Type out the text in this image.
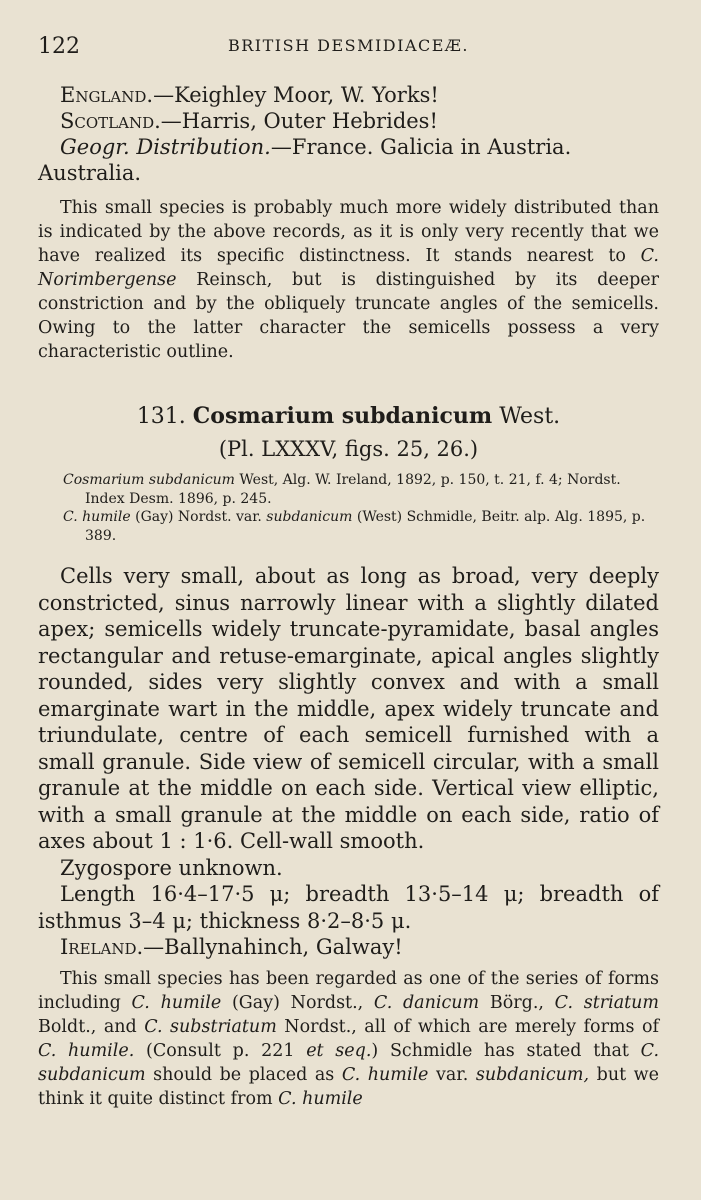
122	BRITISH DESMIDIACEÆ.
England.—Keighley Moor, W. Yorks!
Scotland.—Harris, Outer Hebrides!

Geogr. Distribution.—France. Galicia in Austria. Australia.

This small species is probably much more widely distributed than is indicated by the above records, as it is only very recently that we have realized its specific distinctness. It stands nearest to C. Norimbergense Reinsch, but is distinguished by its deeper constriction and by the obliquely truncate angles of the semicells. Owing to the latter character the semicells possess a very characteristic outline.

131. Cosmarium subdanicum West.
(Pl. LXXXV, figs. 25, 26.)

Cosmarium subdanicum West, Alg. W. Ireland, 1892, p. 150, t. 21, f. 4; Nordst. Index Desm. 1896, p. 245.

C. humile (Gay) Nordst. var. subdanicum (West) Schmidle, Beitr. alp. Alg. 1895, p. 389.

Cells very small, about as long as broad, very deeply constricted, sinus narrowly linear with a slightly dilated apex; semicells widely truncate-pyramidate, basal angles rectangular and retuse-emarginate, apical angles slightly rounded, sides very slightly convex and with a small emarginate wart in the middle, apex widely truncate and triundulate, centre of each semicell furnished with a small granule. Side view of semicell circular, with a small granule at the middle on each side. Vertical view elliptic, with a small granule at the middle on each side, ratio of axes about 1 : 1·6. Cell-wall smooth.

Zygospore unknown.

Length 16·4–17·5 μ; breadth 13·5–14 μ; breadth of isthmus 3–4 μ; thickness 8·2–8·5 μ.

Ireland.—Ballynahinch, Galway!

This small species has been regarded as one of the series of forms including C. humile (Gay) Nordst., C. danicum Börg., C. striatum Boldt., and C. substriatum Nordst., all of which are merely forms of C. humile. (Consult p. 221 et seq.) Schmidle has stated that C. subdanicum should be placed as C. humile var. subdanicum, but we think it quite distinct from C. humile
